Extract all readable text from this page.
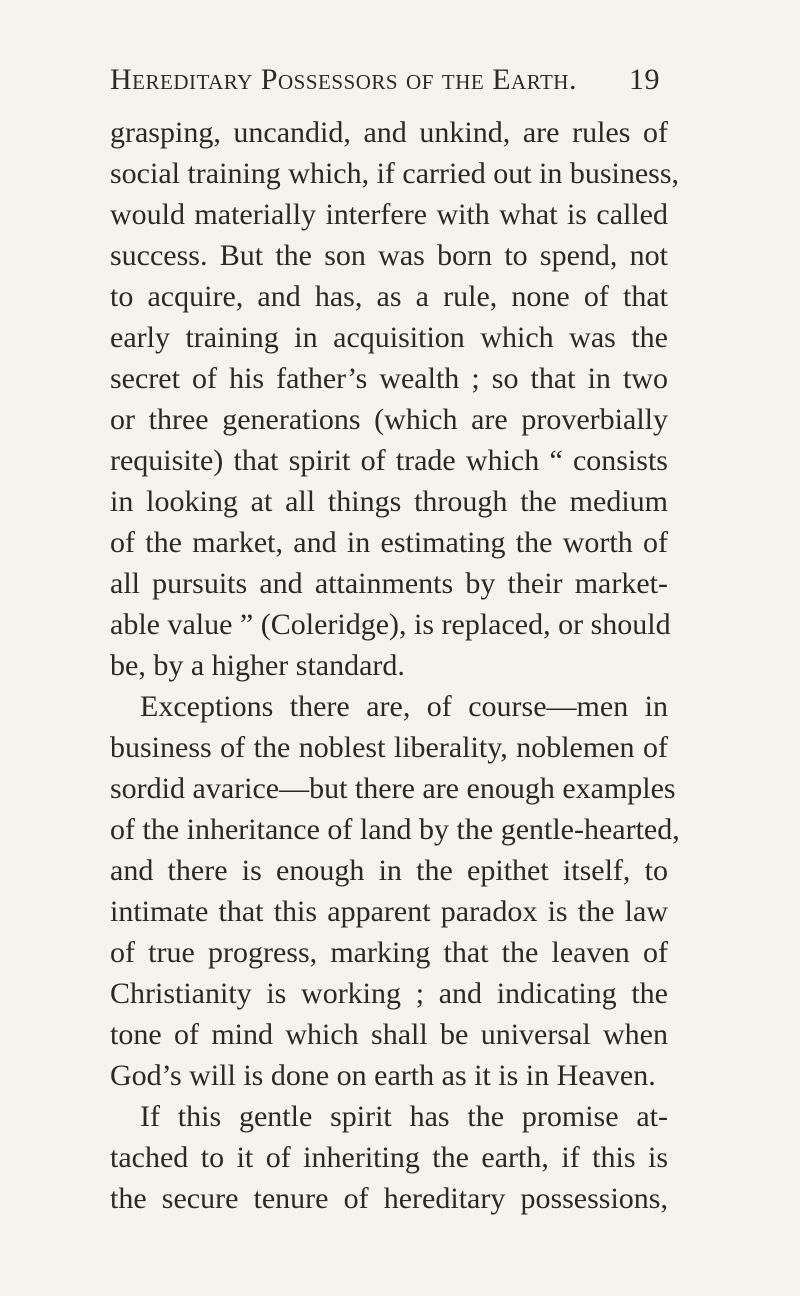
Hereditary Possessors of the Earth. 19
grasping, uncandid, and unkind, are rules of
social training which, if carried out in business,
would materially interfere with what is called
success. But the son was born to spend, not
to acquire, and has, as a rule, none of that
early training in acquisition which was the
secret of his father’s wealth ; so that in two
or three generations (which are proverbially
requisite) that spirit of trade which “ consists
in looking at all things through the medium
of the market, and in estimating the worth of
all pursuits and attainments by their market-
able value ” (Coleridge), is replaced, or should
be, by a higher standard.
Exceptions there are, of course—men in
business of the noblest liberality, noblemen of
sordid avarice—but there are enough examples
of the inheritance of land by the gentle-hearted,
and there is enough in the epithet itself, to
intimate that this apparent paradox is the law
of true progress, marking that the leaven of
Christianity is working ; and indicating the
tone of mind which shall be universal when
God’s will is done on earth as it is in Heaven.
If this gentle spirit has the promise at-
tached to it of inheriting the earth, if this is
the secure tenure of hereditary possessions,
